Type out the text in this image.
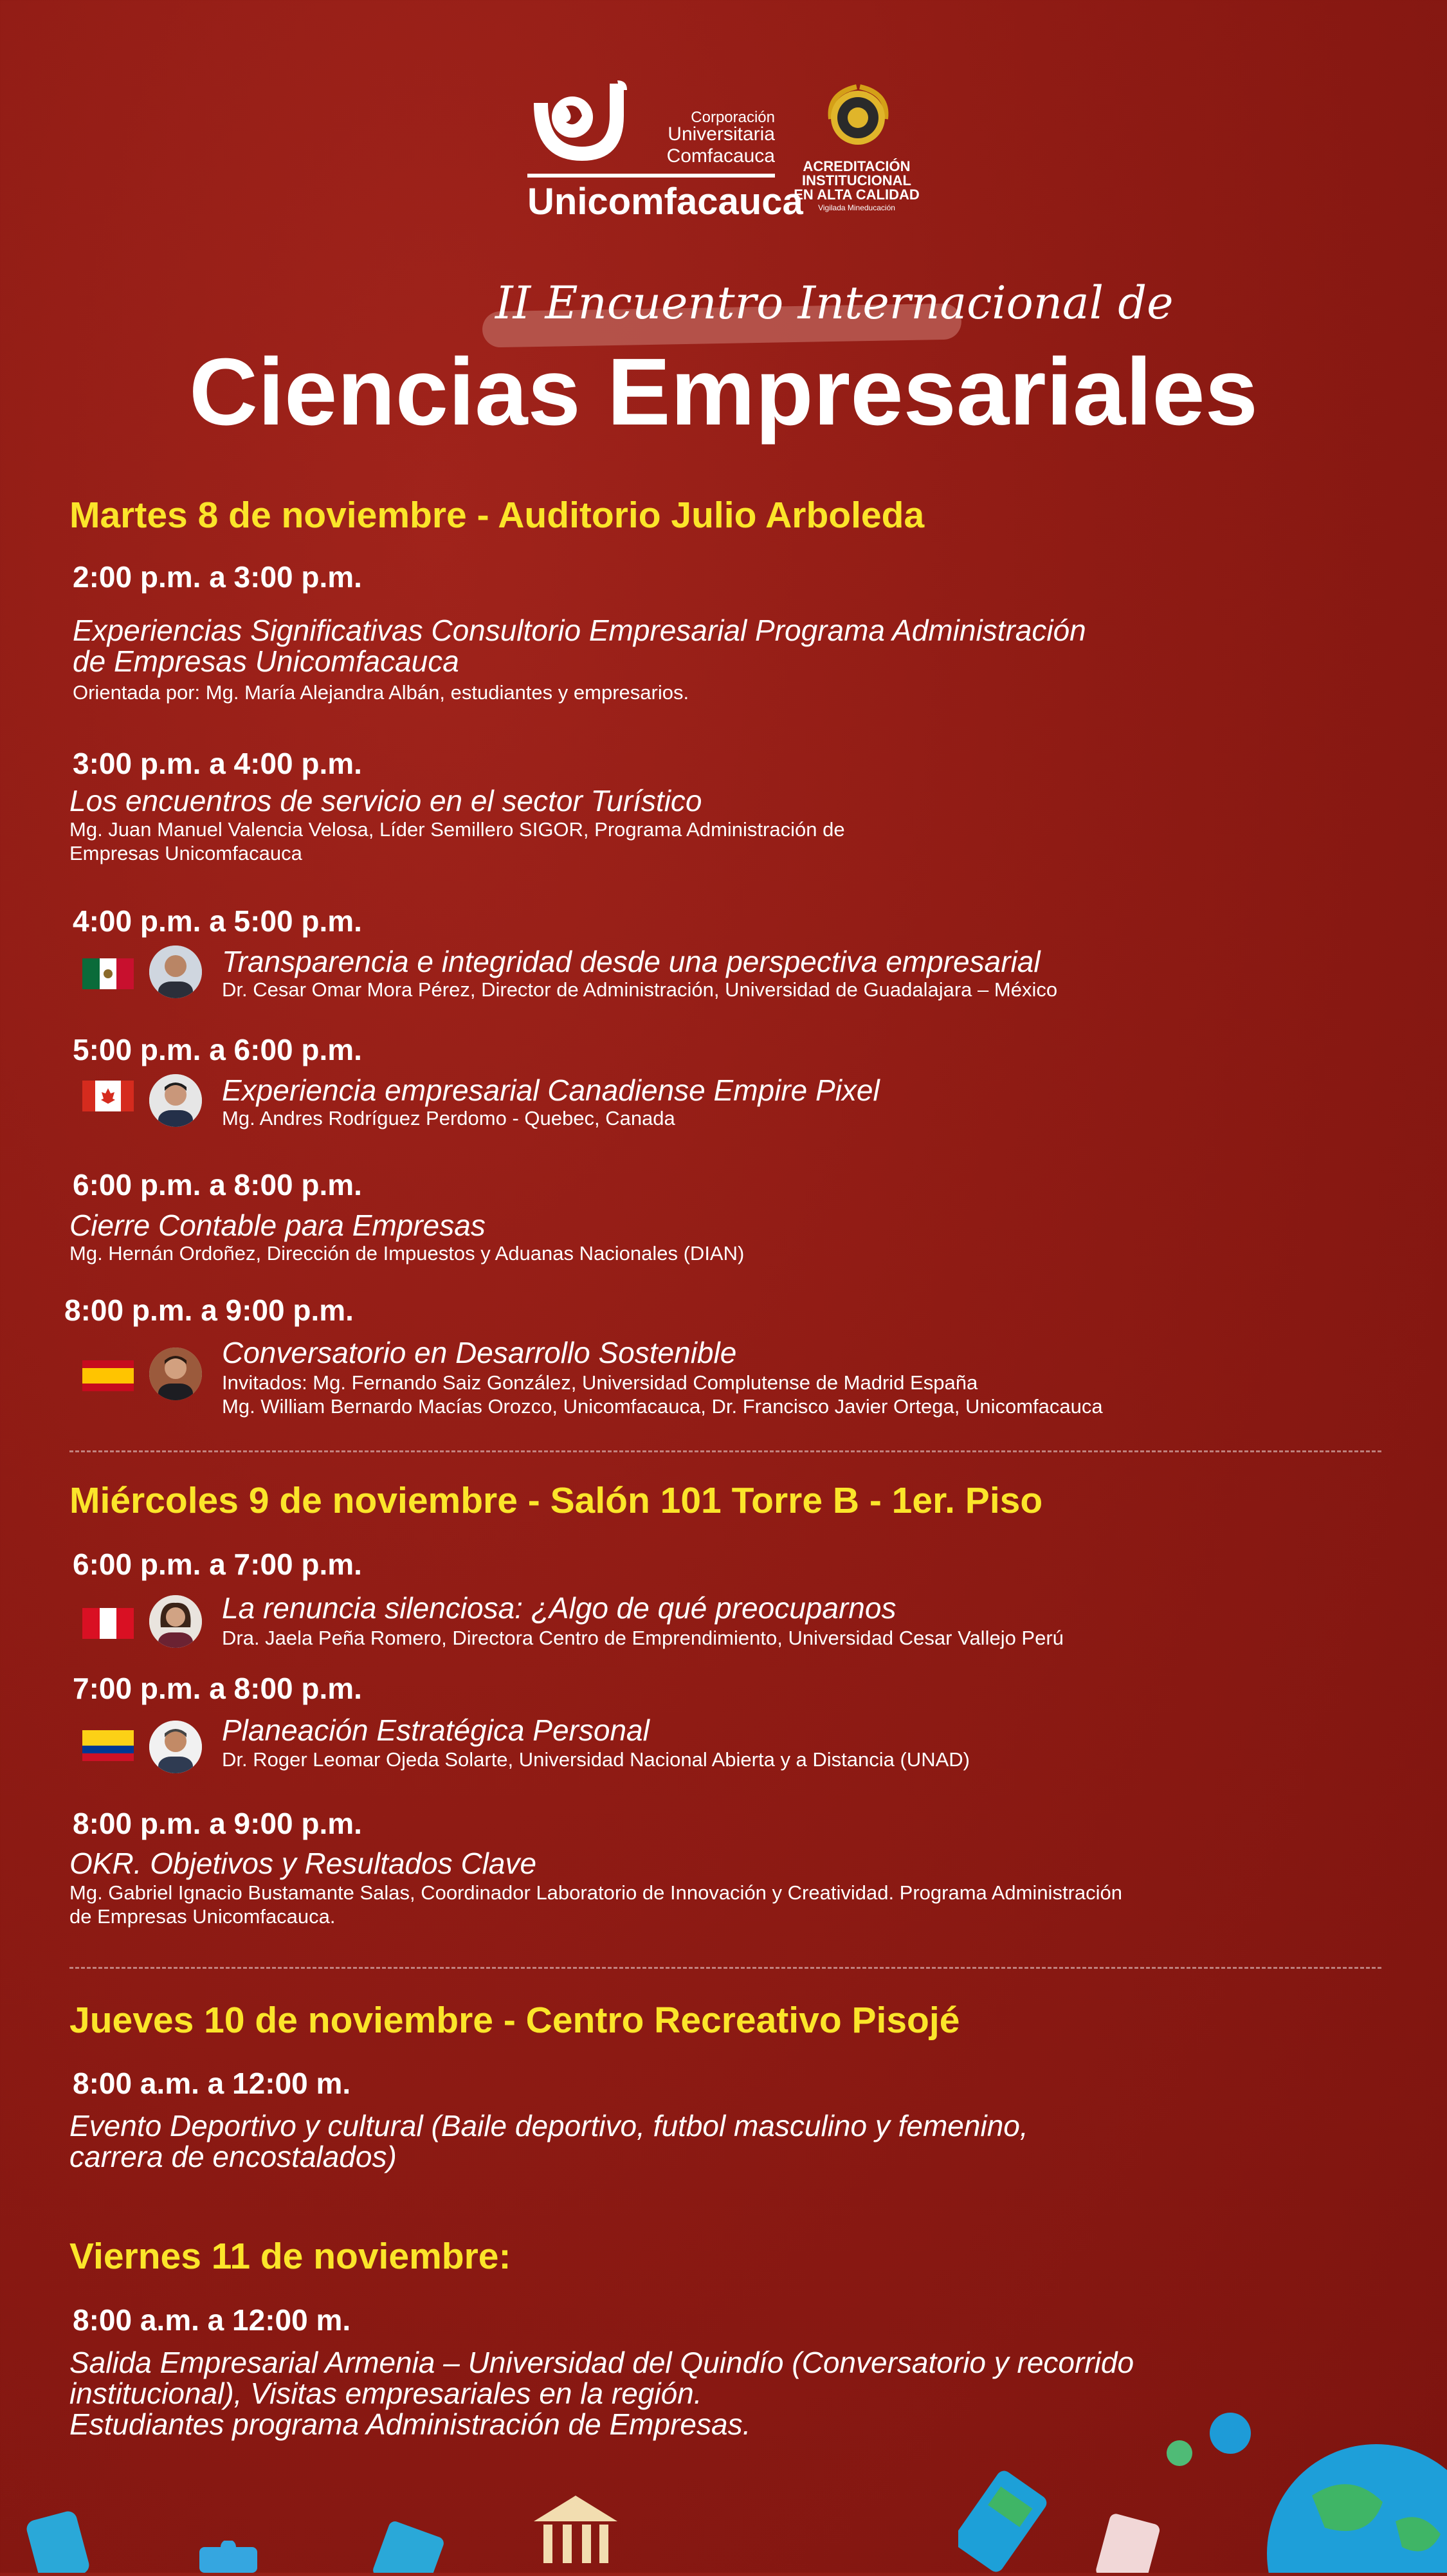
Corporación
Universitaria
Comfacauca
Unicomfacauca
ACREDITACIÓN
INSTITUCIONAL
EN ALTA CALIDAD
Vigilada Mineducación
II Encuentro Internacional de
Ciencias Empresariales
Martes 8 de noviembre - Auditorio Julio Arboleda
2:00 p.m. a 3:00 p.m.
Experiencias Significativas Consultorio Empresarial Programa Administración
de Empresas Unicomfacauca
Orientada por: Mg. María Alejandra Albán, estudiantes y empresarios.
3:00 p.m. a 4:00 p.m.
Los encuentros de servicio en el sector Turístico
Mg. Juan Manuel Valencia Velosa, Líder Semillero SIGOR, Programa Administración de
Empresas Unicomfacauca
4:00 p.m. a 5:00 p.m.
Transparencia e integridad desde una perspectiva empresarial
Dr. Cesar Omar Mora Pérez, Director de Administración, Universidad de Guadalajara – México
5:00 p.m. a 6:00 p.m.
Experiencia empresarial Canadiense Empire Pixel
Mg. Andres Rodríguez Perdomo - Quebec, Canada
6:00 p.m. a 8:00 p.m.
Cierre Contable para Empresas
Mg. Hernán Ordoñez, Dirección de Impuestos y Aduanas Nacionales (DIAN)
8:00 p.m. a 9:00 p.m.
Conversatorio en Desarrollo Sostenible
Invitados: Mg. Fernando Saiz González, Universidad Complutense de Madrid España
Mg. William Bernardo Macías Orozco, Unicomfacauca, Dr. Francisco Javier Ortega, Unicomfacauca
Miércoles 9 de noviembre - Salón 101 Torre B - 1er. Piso
6:00 p.m. a 7:00 p.m.
La renuncia silenciosa: ¿Algo de qué preocuparnos
Dra. Jaela Peña Romero, Directora Centro de Emprendimiento, Universidad Cesar Vallejo Perú
7:00 p.m. a 8:00 p.m.
Planeación Estratégica Personal
Dr. Roger Leomar Ojeda Solarte, Universidad Nacional Abierta y a Distancia (UNAD)
8:00 p.m. a 9:00 p.m.
OKR. Objetivos y Resultados Clave
Mg. Gabriel Ignacio Bustamante Salas, Coordinador Laboratorio de Innovación y Creatividad. Programa Administración
de Empresas Unicomfacauca.
Jueves 10 de noviembre - Centro Recreativo Pisojé
8:00 a.m. a 12:00 m.
Evento Deportivo y cultural (Baile deportivo, futbol masculino y femenino,
carrera de encostalados)
Viernes 11 de noviembre:
8:00 a.m. a 12:00 m.
Salida Empresarial Armenia – Universidad del Quindío (Conversatorio y recorrido
institucional), Visitas empresariales en la región.
Estudiantes programa Administración de Empresas.
